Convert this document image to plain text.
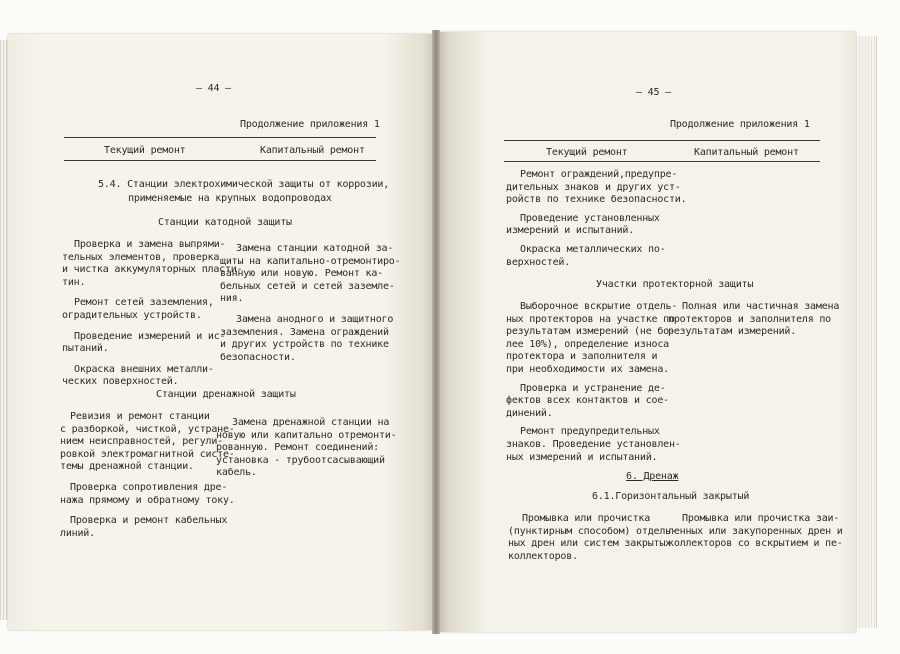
— 44 —
Продолжение приложения 1
Текущий ремонт	Капитальный ремонт
5.4. Станции электрохимической защиты от коррозии,
применяемые на крупных водопроводах
Станции катодной защиты
Проверка и замена выпрями-
тельных элементов, проверка
и чистка аккумуляторных пласти-
тин.
Ремонт сетей заземления,
оградительных устройств.
Проведение измерений и ис-
пытаний.
Окраска внешних металли-
ческих поверхностей.
Замена станции катодной за-
щиты на капитально-отремонтиро-
ванную или новую. Ремонт ка-
бельных сетей и сетей заземле-
ния.
Замена анодного и защитного
заземления. Замена ограждений
и других устройств по технике
безопасности.
Станции дренажной защиты
Ревизия и ремонт станции
с разборкой, чисткой, устране-
нием неисправностей, регули-
ровкой электромагнитной систе-
темы дренажной станции.
Проверка сопротивления дре-
нажа прямому и обратному току.
Проверка и ремонт кабельных
линий.
Замена дренажной станции на
новую или капитально отремонти-
рованную. Ремонт соединений:
установка - трубоотсасывающий
кабель.
— 45 —
Продолжение приложения 1
Текущий ремонт	Капитальный ремонт
Ремонт ограждений,предупре-
дительных знаков и других уст-
ройств по технике безопасности.
Проведение установленных
измерений и испытаний.
Окраска металлических по-
верхностей.
Участки протекторной защиты
Выборочное вскрытие отдель-
ных протекторов на участке по
результатам измерений (не бо-
лее 10%), определение износа
протектора и заполнителя и
при необходимости их замена.
Проверка и устранение де-
фектов всех контактов и сое-
динений.
Ремонт предупредительных
знаков. Проведение установлен-
ных измерений и испытаний.
Полная или частичная замена
протекторов и заполнителя по
результатам измерений.
6. Дренаж
6.1.Горизонтальный закрытый
Промывка или прочистка
(пунктирным способом) отдель-
ных дрен или систем закрытых
коллекторов.
Промывка или прочистка заи-
ленных или закупоренных дрен и
коллекторов со вскрытием и пе-
